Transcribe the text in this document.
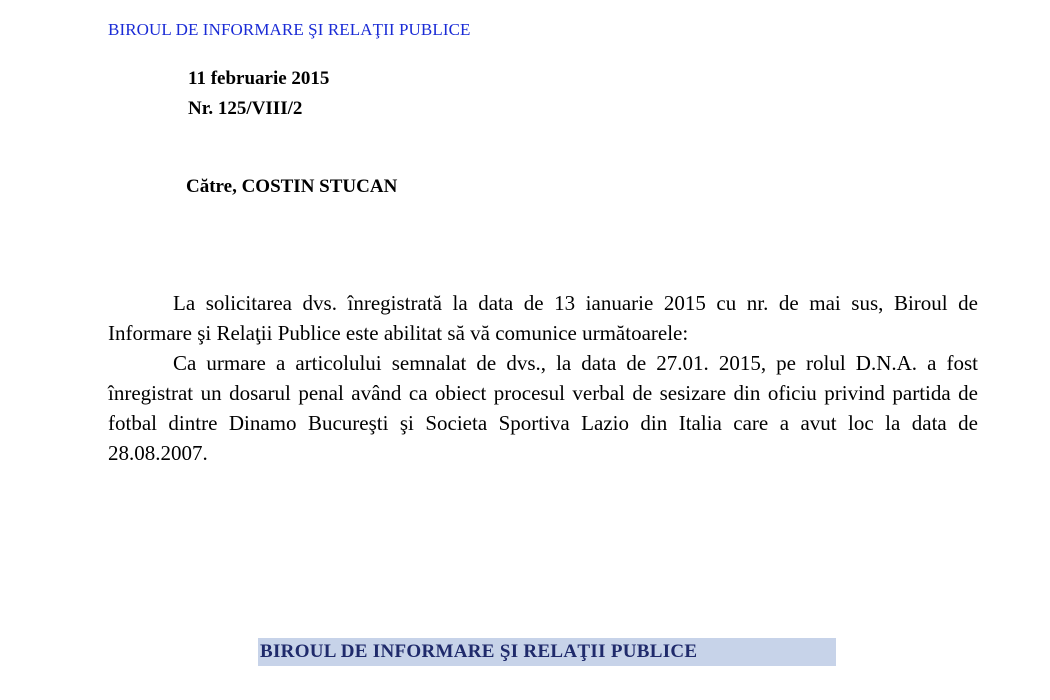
BIROUL DE INFORMARE ŞI RELAŢII PUBLICE
11 februarie 2015
Nr. 125/VIII/2
Către, COSTIN STUCAN

La solicitarea dvs. înregistrată la data de 13 ianuarie 2015 cu nr. de mai sus, Biroul de Informare şi Relaţii Publice este abilitat să vă comunice următoarele:

Ca urmare a articolului semnalat de dvs., la data de 27.01. 2015, pe rolul D.N.A. a fost înregistrat un dosarul penal având ca obiect procesul verbal de sesizare din oficiu privind partida de fotbal dintre Dinamo Bucureşti şi Societa Sportiva Lazio din Italia care a avut loc la data de 28.08.2007.

BIROUL DE INFORMARE ŞI RELAŢII PUBLICE
